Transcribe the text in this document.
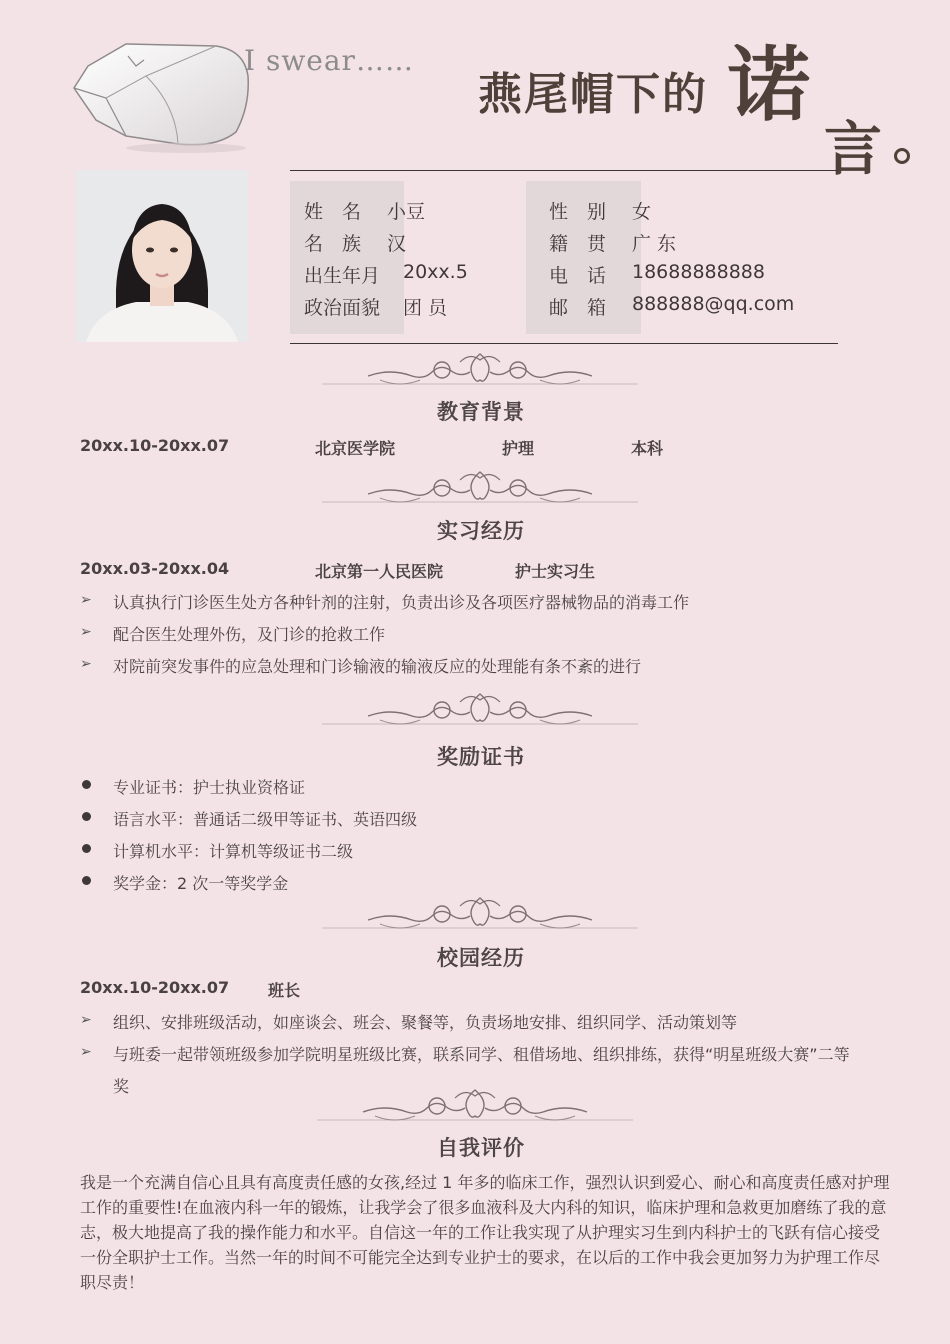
I swear……
燕尾帽下的 诺
言
姓　名 小豆
名　族 汉
出生年月 20xx.5
政治面貌 团 员
性　别 女
籍　贯 广 东
电　话 18688888888
邮　箱 888888@qq.com
教育背景
20xx.10-20xx.07	北京医学院	护理	本科
实习经历
20xx.03-20xx.04	北京第一人民医院	护士实习生
➢ 认真执行门诊医生处方各种针剂的注射，负责出诊及各项医疗器械物品的消毒工作
➢ 配合医生处理外伤，及门诊的抢救工作
➢ 对院前突发事件的应急处理和门诊输液的输液反应的处理能有条不紊的进行
奖励证书
专业证书：护士执业资格证
语言水平：普通话二级甲等证书、英语四级
计算机水平：计算机等级证书二级
奖学金：2 次一等奖学金
校园经历
20xx.10-20xx.07 班长
➢ 组织、安排班级活动，如座谈会、班会、聚餐等，负责场地安排、组织同学、活动策划等
➢ 与班委一起带领班级参加学院明星班级比赛，联系同学、租借场地、组织排练，获得“明星班级大赛”二等
奖
自我评价
我是一个充满自信心且具有高度责任感的女孩,经过 1 年多的临床工作，强烈认识到爱心、耐心和高度责任感对护理工作的重要性!在血液内科一年的锻炼，让我学会了很多血液科及大内科的知识，临床护理和急救更加磨练了我的意志，极大地提高了我的操作能力和水平。自信这一年的工作让我实现了从护理实习生到内科护士的飞跃有信心接受一份全职护士工作。当然一年的时间不可能完全达到专业护士的要求，在以后的工作中我会更加努力为护理工作尽职尽责！
